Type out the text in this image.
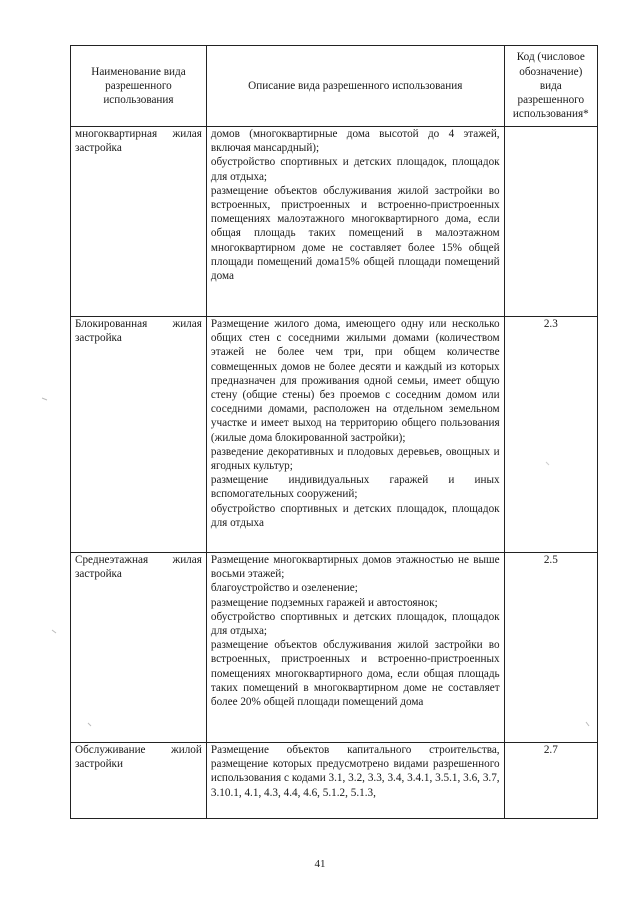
Наименование вида разрешенного использования	Описание вида разрешенного использования	Код (числовое обозначение) вида разрешенного использования*
многоквартирная жилая застройка	домов (многоквартирные дома высотой до 4 этажей, включая мансардный);
обустройство спортивных и детских площадок, площадок для отдыха;
размещение объектов обслуживания жилой застройки во встроенных, пристроенных и встроенно-пристроенных помещениях малоэтажного многоквартирного дома, если общая площадь таких помещений в малоэтажном многоквартирном доме не составляет более 15% общей площади помещений дома15% общей площади помещений дома	

Блокированная жилая застройка	Размещение жилого дома, имеющего одну или несколько общих стен с соседними жилыми домами (количеством этажей не более чем три, при общем количестве совмещенных домов не более десяти и каждый из которых предназначен для проживания одной семьи, имеет общую стену (общие стены) без проемов с соседним домом или соседними домами, расположен на отдельном земельном участке и имеет выход на территорию общего пользования (жилые дома блокированной застройки);
разведение декоративных и плодовых деревьев, овощных и ягодных культур;
размещение индивидуальных гаражей и иных вспомогательных сооружений;
обустройство спортивных и детских площадок, площадок для отдыха	2.3
Среднеэтажная жилая застройка	Размещение многоквартирных домов этажностью не выше восьми этажей;
благоустройство и озеленение;
размещение подземных гаражей и автостоянок;
обустройство спортивных и детских площадок, площадок для отдыха;
размещение объектов обслуживания жилой застройки во встроенных, пристроенных и встроенно-пристроенных помещениях многоквартирного дома, если общая площадь таких помещений в многоквартирном доме не составляет более 20% общей площади помещений дома	2.5
Обслуживание жилой застройки	Размещение объектов капитального строительства, размещение которых предусмотрено видами разрешенного использования с кодами 3.1, 3.2, 3.3, 3.4, 3.4.1, 3.5.1, 3.6, 3.7, 3.10.1, 4.1, 4.3, 4.4, 4.6, 5.1.2, 5.1.3,	2.7
41
